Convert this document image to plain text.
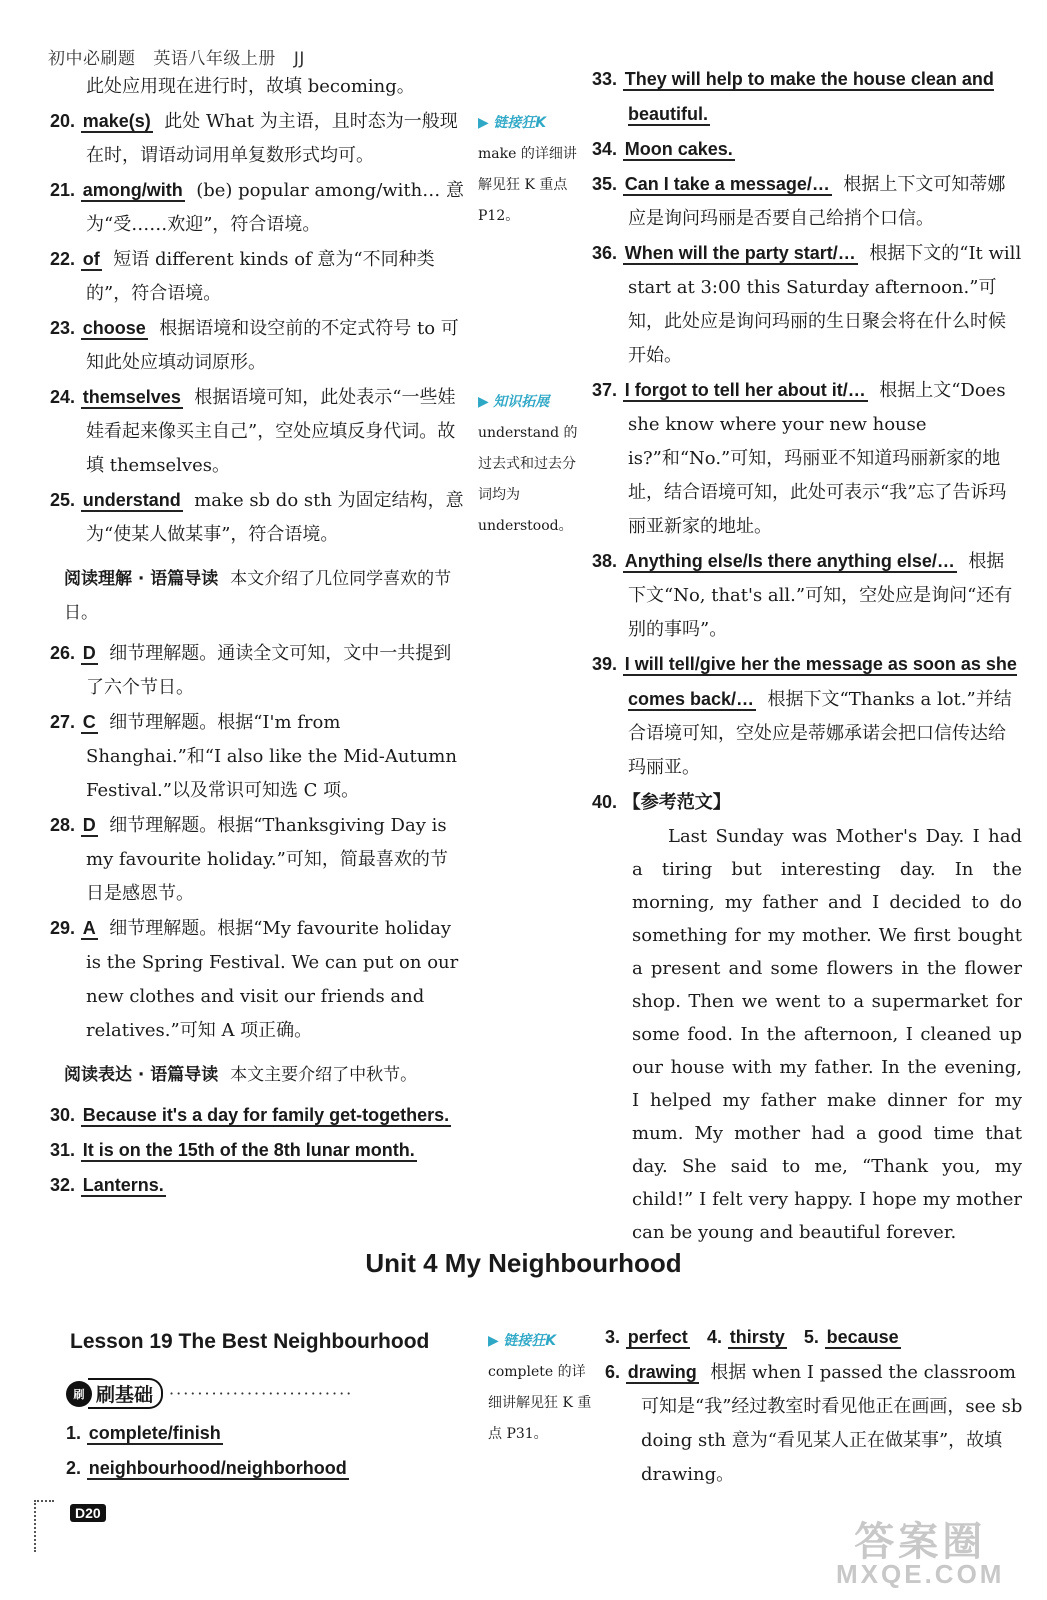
初中必刷题 英语八年级上册 JJ

此处应用现在进行时，故填 becoming。

20. make(s) 此处 What 为主语，且时态为一般现在时，谓语动词用单复数形式均可。

21. among/with (be) popular among/with… 意为“受……欢迎”，符合语境。

22. of 短语 different kinds of 意为“不同种类的”，符合语境。

23. choose 根据语境和设空前的不定式符号 to 可知此处应填动词原形。

24. themselves 根据语境可知，此处表示“一些娃娃看起来像买主自己”，空处应填反身代词。故填 themselves。

25. understand make sb do sth 为固定结构，意为“使某人做某事”，符合语境。

阅读理解 · 语篇导读 本文介绍了几位同学喜欢的节日。

26. D 细节理解题。通读全文可知，文中一共提到了六个节日。

27. C 细节理解题。根据“I'm from Shanghai.”和“I also like the Mid-Autumn Festival.”以及常识可知选 C 项。

28. D 细节理解题。根据“Thanksgiving Day is my favourite holiday.”可知，简最喜欢的节日是感恩节。

29. A 细节理解题。根据“My favourite holiday is the Spring Festival. We can put on our new clothes and visit our friends and relatives.”可知 A 项正确。

阅读表达 · 语篇导读 本文主要介绍了中秋节。

30. Because it's a day for family get-togethers.

31. It is on the 15th of the 8th lunar month.

32. Lanterns.

▶ 链接狂K
make 的详细讲解见狂 K 重点 P12。
▶ 知识拓展
understand 的过去式和过去分词均为 understood。

33. They will help to make the house clean and beautiful.

34. Moon cakes.

35. Can I take a message/… 根据上下文可知蒂娜应是询问玛丽是否要自己给捎个口信。

36. When will the party start/… 根据下文的“It will start at 3:00 this Saturday afternoon.”可知，此处应是询问玛丽的生日聚会将在什么时候开始。

37. I forgot to tell her about it/… 根据上文“Does she know where your new house is?”和“No.”可知，玛丽亚不知道玛丽新家的地址，结合语境可知，此处可表示“我”忘了告诉玛丽亚新家的地址。

38. Anything else/Is there anything else/… 根据下文“No, that's all.”可知，空处应是询问“还有别的事吗”。

39. I will tell/give her the message as soon as she comes back/… 根据下文“Thanks a lot.”并结合语境可知，空处应是蒂娜承诺会把口信传达给玛丽亚。

40. 【参考范文】

Last Sunday was Mother's Day. I had a tiring but interesting day. In the morning, my father and I decided to do something for my mother. We first bought a present and some flowers in the flower shop. Then we went to a supermarket for some food. In the afternoon, I cleaned up our house with my father. In the evening, I helped my father make dinner for my mum. My mother had a good time that day. She said to me, “Thank you, my child!” I felt very happy. I hope my mother can be young and beautiful forever.

Unit 4 My Neighbourhood
Lesson 19 The Best Neighbourhood
刷 刷基础	··························

1. complete/finish

2. neighbourhood/neighborhood

▶ 链接狂K
complete 的详细讲解见狂 K 重点 P31。

3. perfect 4. thirsty 5. because

6. drawing 根据 when I passed the classroom 可知是“我”经过教室时看见他正在画画，see sb doing sth 意为“看见某人正在做某事”，故填 drawing。

D20
答案圈
MXQE.COM
